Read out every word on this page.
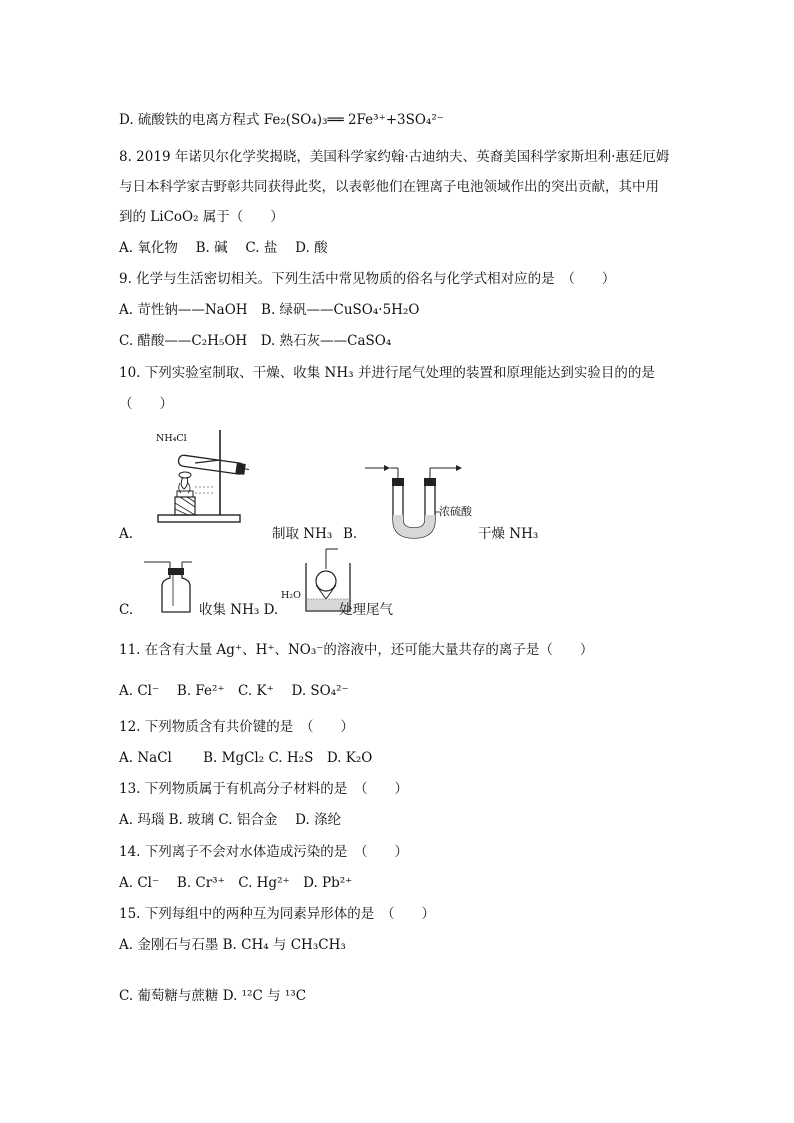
D. 硫酸铁的电离方程式 Fe₂(SO₄)₃══ 2Fe³⁺+3SO₄²⁻
8. 2019 年诺贝尔化学奖揭晓，美国科学家约翰·古迪纳夫、英裔美国科学家斯坦利·惠廷厄姆
与日本科学家吉野彰共同获得此奖，以表彰他们在锂离子电池领域作出的突出贡献，其中用
到的 LiCoO₂ 属于（　　）
A. 氧化物　 B. 碱　 C. 盐　 D. 酸
9. 化学与生活密切相关。下列生活中常见物质的俗名与化学式相对应的是　（　　）
A. 苛性钠——NaOH　B. 绿矾——CuSO₄·5H₂O
C. 醋酸——C₂H₅OH　D. 熟石灰——CaSO₄
10. 下列实验室制取、干燥、收集 NH₃ 并进行尾气处理的装置和原理能达到实验目的的是
（　　）
NH₄Cl
A.	制取 NH₃
浓硫酸
B.	干燥 NH₃
C.	收集 NH₃ D.
H₂O
处理尾气
11. 在含有大量 Ag⁺、H⁺、NO₃⁻的溶液中，还可能大量共存的离子是（　　）
A. Cl⁻　 B. Fe²⁺　C. K⁺　 D. SO₄²⁻
12. 下列物质含有共价键的是　（　　）
A. NaCl　　 B. MgCl₂ C. H₂S　D. K₂O
13. 下列物质属于有机高分子材料的是　（　　）
A. 玛瑙 B. 玻璃 C. 铝合金　 D. 涤纶
14. 下列离子不会对水体造成污染的是　（　　）
A. Cl⁻　 B. Cr³⁺　C. Hg²⁺　D. Pb²⁺
15. 下列每组中的两种互为同素异形体的是　（　　）
A. 金刚石与石墨 B. CH₄ 与 CH₃CH₃
C. 葡萄糖与蔗糖 D. ¹²C 与 ¹³C
